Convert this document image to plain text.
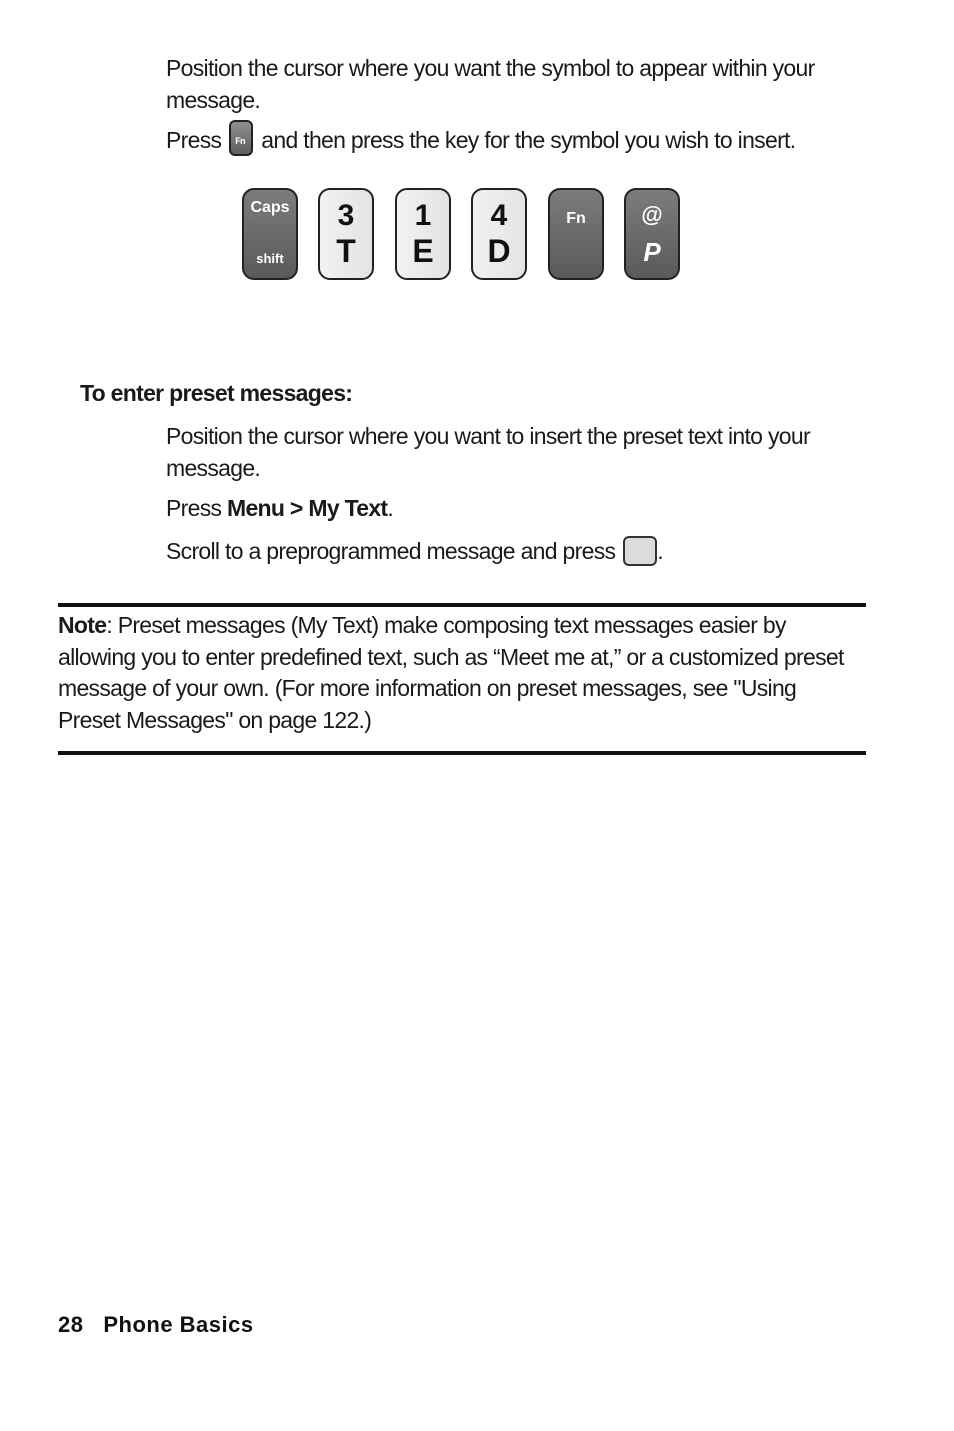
Position the cursor where you want the symbol to appear within your
message.
Press Fn and then press the key for the symbol you wish to insert.
Caps
shift
3
T
1
E
4
D
Fn	@
P
To enter preset messages:
Position the cursor where you want to insert the preset text into your
message.
Press Menu > My Text.
Scroll to a preprogrammed message and press .
Note: Preset messages (My Text) make composing text messages easier by
allowing you to enter predefined text, such as “Meet me at,” or a customized preset
message of your own. (For more information on preset messages, see "Using
Preset Messages" on page 122.)
28 Phone Basics
